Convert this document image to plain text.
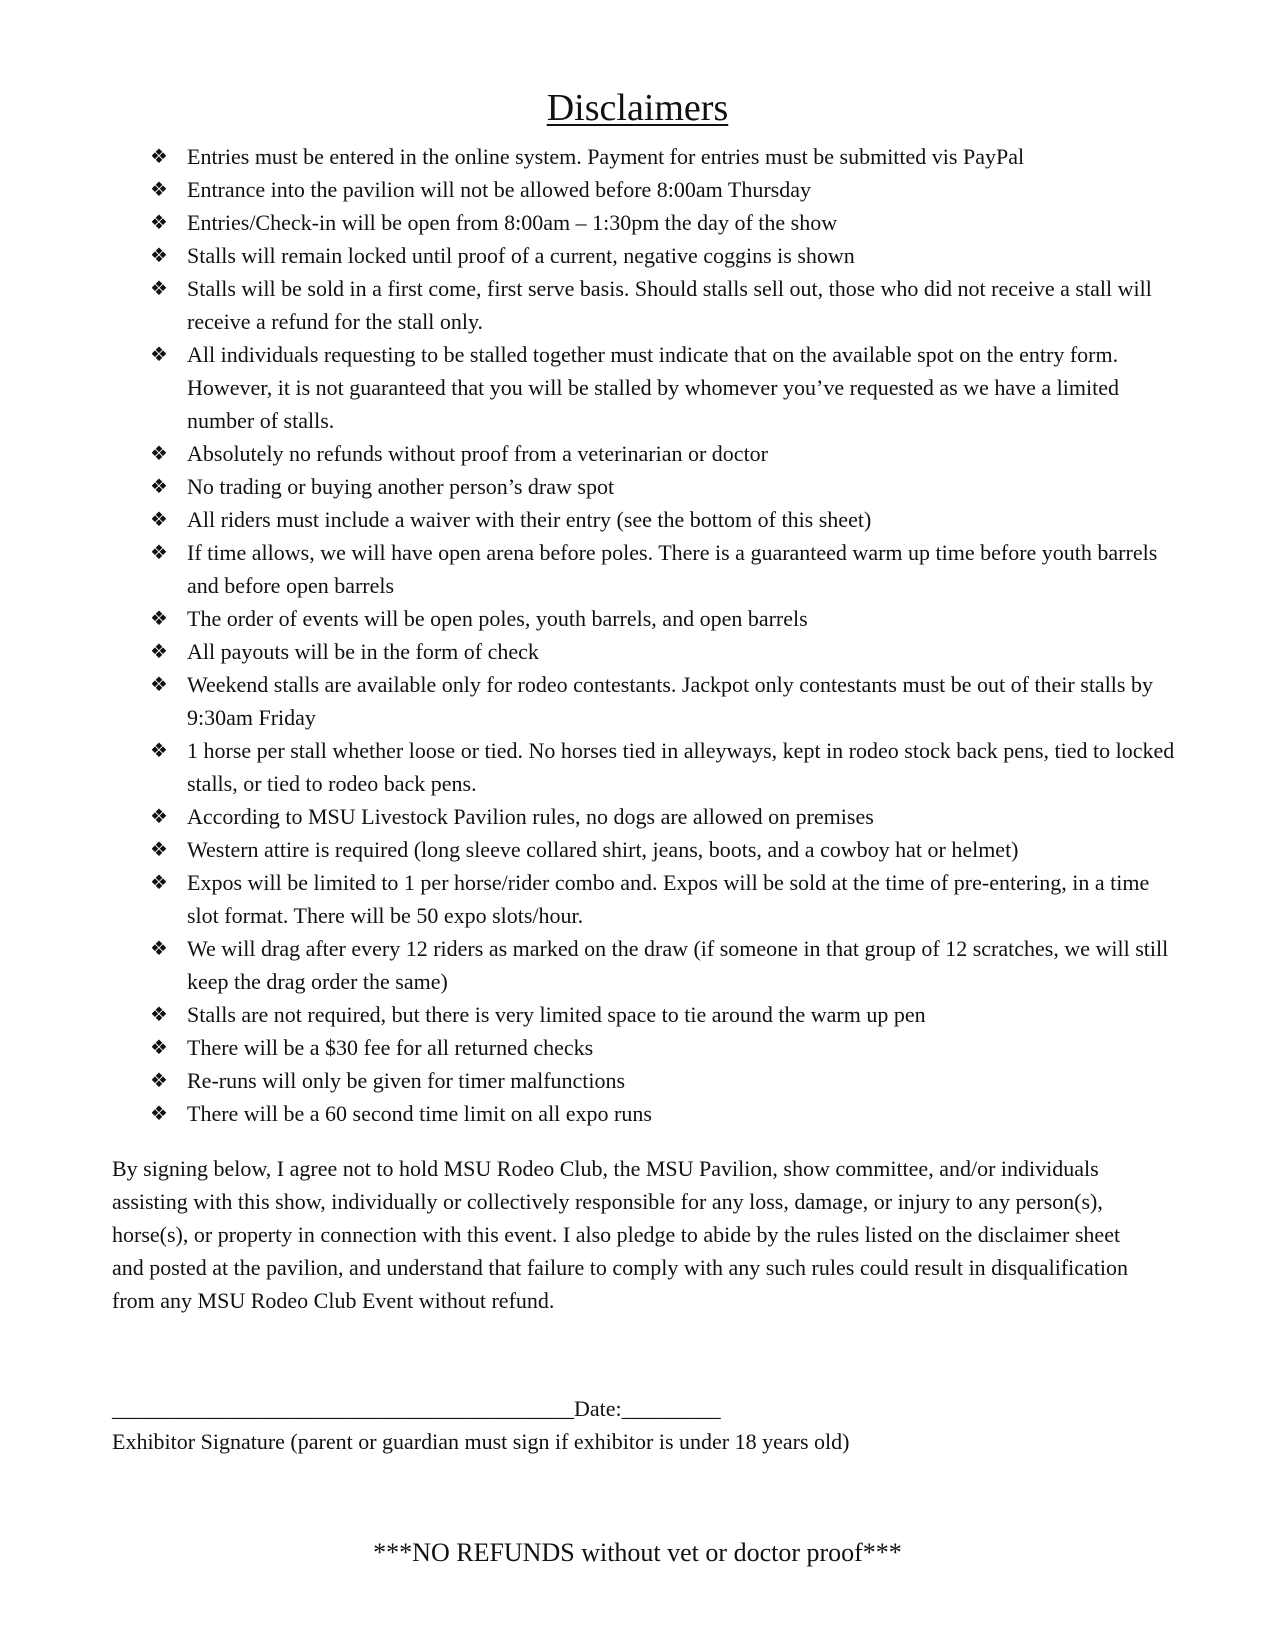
Disclaimers
❖ Entries must be entered in the online system. Payment for entries must be submitted vis PayPal
❖ Entrance into the pavilion will not be allowed before 8:00am Thursday
❖ Entries/Check-in will be open from 8:00am – 1:30pm the day of the show
❖ Stalls will remain locked until proof of a current, negative coggins is shown
❖ Stalls will be sold in a first come, first serve basis. Should stalls sell out, those who did not receive a stall will receive a refund for the stall only.
❖ All individuals requesting to be stalled together must indicate that on the available spot on the entry form. However, it is not guaranteed that you will be stalled by whomever you’ve requested as we have a limited number of stalls.
❖ Absolutely no refunds without proof from a veterinarian or doctor
❖ No trading or buying another person’s draw spot
❖ All riders must include a waiver with their entry (see the bottom of this sheet)
❖ If time allows, we will have open arena before poles. There is a guaranteed warm up time before youth barrels and before open barrels
❖ The order of events will be open poles, youth barrels, and open barrels
❖ All payouts will be in the form of check
❖ Weekend stalls are available only for rodeo contestants. Jackpot only contestants must be out of their stalls by 9:30am Friday
❖ 1 horse per stall whether loose or tied. No horses tied in alleyways, kept in rodeo stock back pens, tied to locked stalls, or tied to rodeo back pens.
❖ According to MSU Livestock Pavilion rules, no dogs are allowed on premises
❖ Western attire is required (long sleeve collared shirt, jeans, boots, and a cowboy hat or helmet)
❖ Expos will be limited to 1 per horse/rider combo and. Expos will be sold at the time of pre-entering, in a time slot format. There will be 50 expo slots/hour.
❖ We will drag after every 12 riders as marked on the draw (if someone in that group of 12 scratches, we will still keep the drag order the same)
❖ Stalls are not required, but there is very limited space to tie around the warm up pen
❖ There will be a $30 fee for all returned checks
❖ Re-runs will only be given for timer malfunctions
❖ There will be a 60 second time limit on all expo runs

By signing below, I agree not to hold MSU Rodeo Club, the MSU Pavilion, show committee, and/or individuals assisting with this show, individually or collectively responsible for any loss, damage, or injury to any person(s), horse(s), or property in connection with this event. I also pledge to abide by the rules listed on the disclaimer sheet and posted at the pavilion, and understand that failure to comply with any such rules could result in disqualification from any MSU Rodeo Club Event without refund.

__________________________________________Date:_________
Exhibitor Signature (parent or guardian must sign if exhibitor is under 18 years old)
***NO REFUNDS without vet or doctor proof***
